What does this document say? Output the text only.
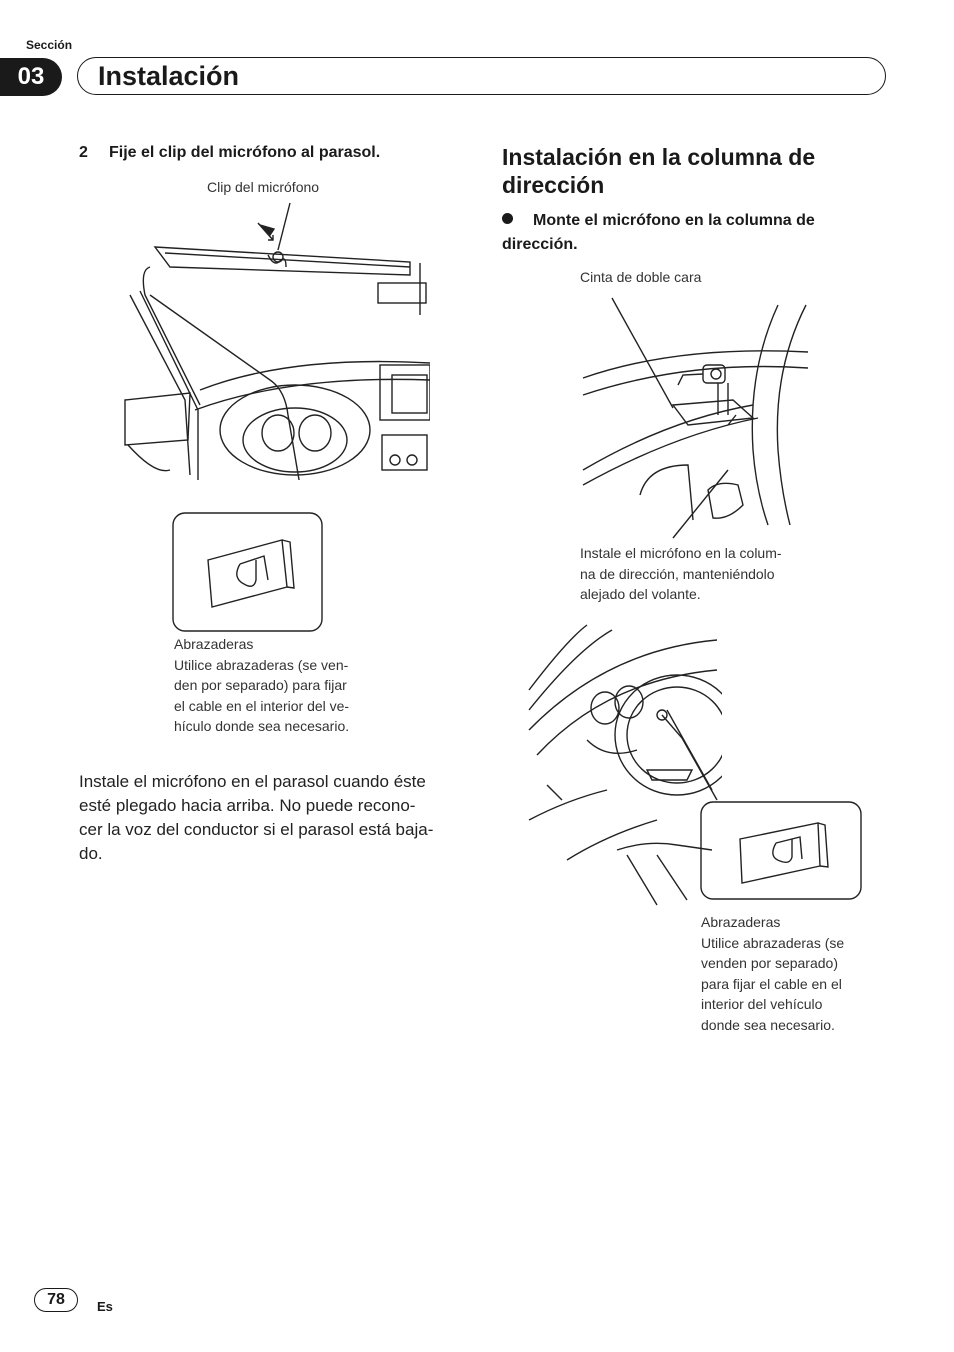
Sección
03	Instalación
2 Fije el clip del micrófono al parasol.
Clip del micrófono
Abrazaderas
Utilice abrazaderas (se ven-
den por separado) para fijar
el cable en el interior del ve-
hículo donde sea necesario.
Instale el micrófono en el parasol cuando éste
esté plegado hacia arriba. No puede recono-
cer la voz del conductor si el parasol está baja-
do.
Instalación en la columna de dirección
Monte el micrófono en la columna de dirección.
Cinta de doble cara
Instale el micrófono en la colum-
na de dirección, manteniéndolo
alejado del volante.
Abrazaderas
Utilice abrazaderas (se
venden por separado)
para fijar el cable en el
interior del vehículo
donde sea necesario.
78	Es
